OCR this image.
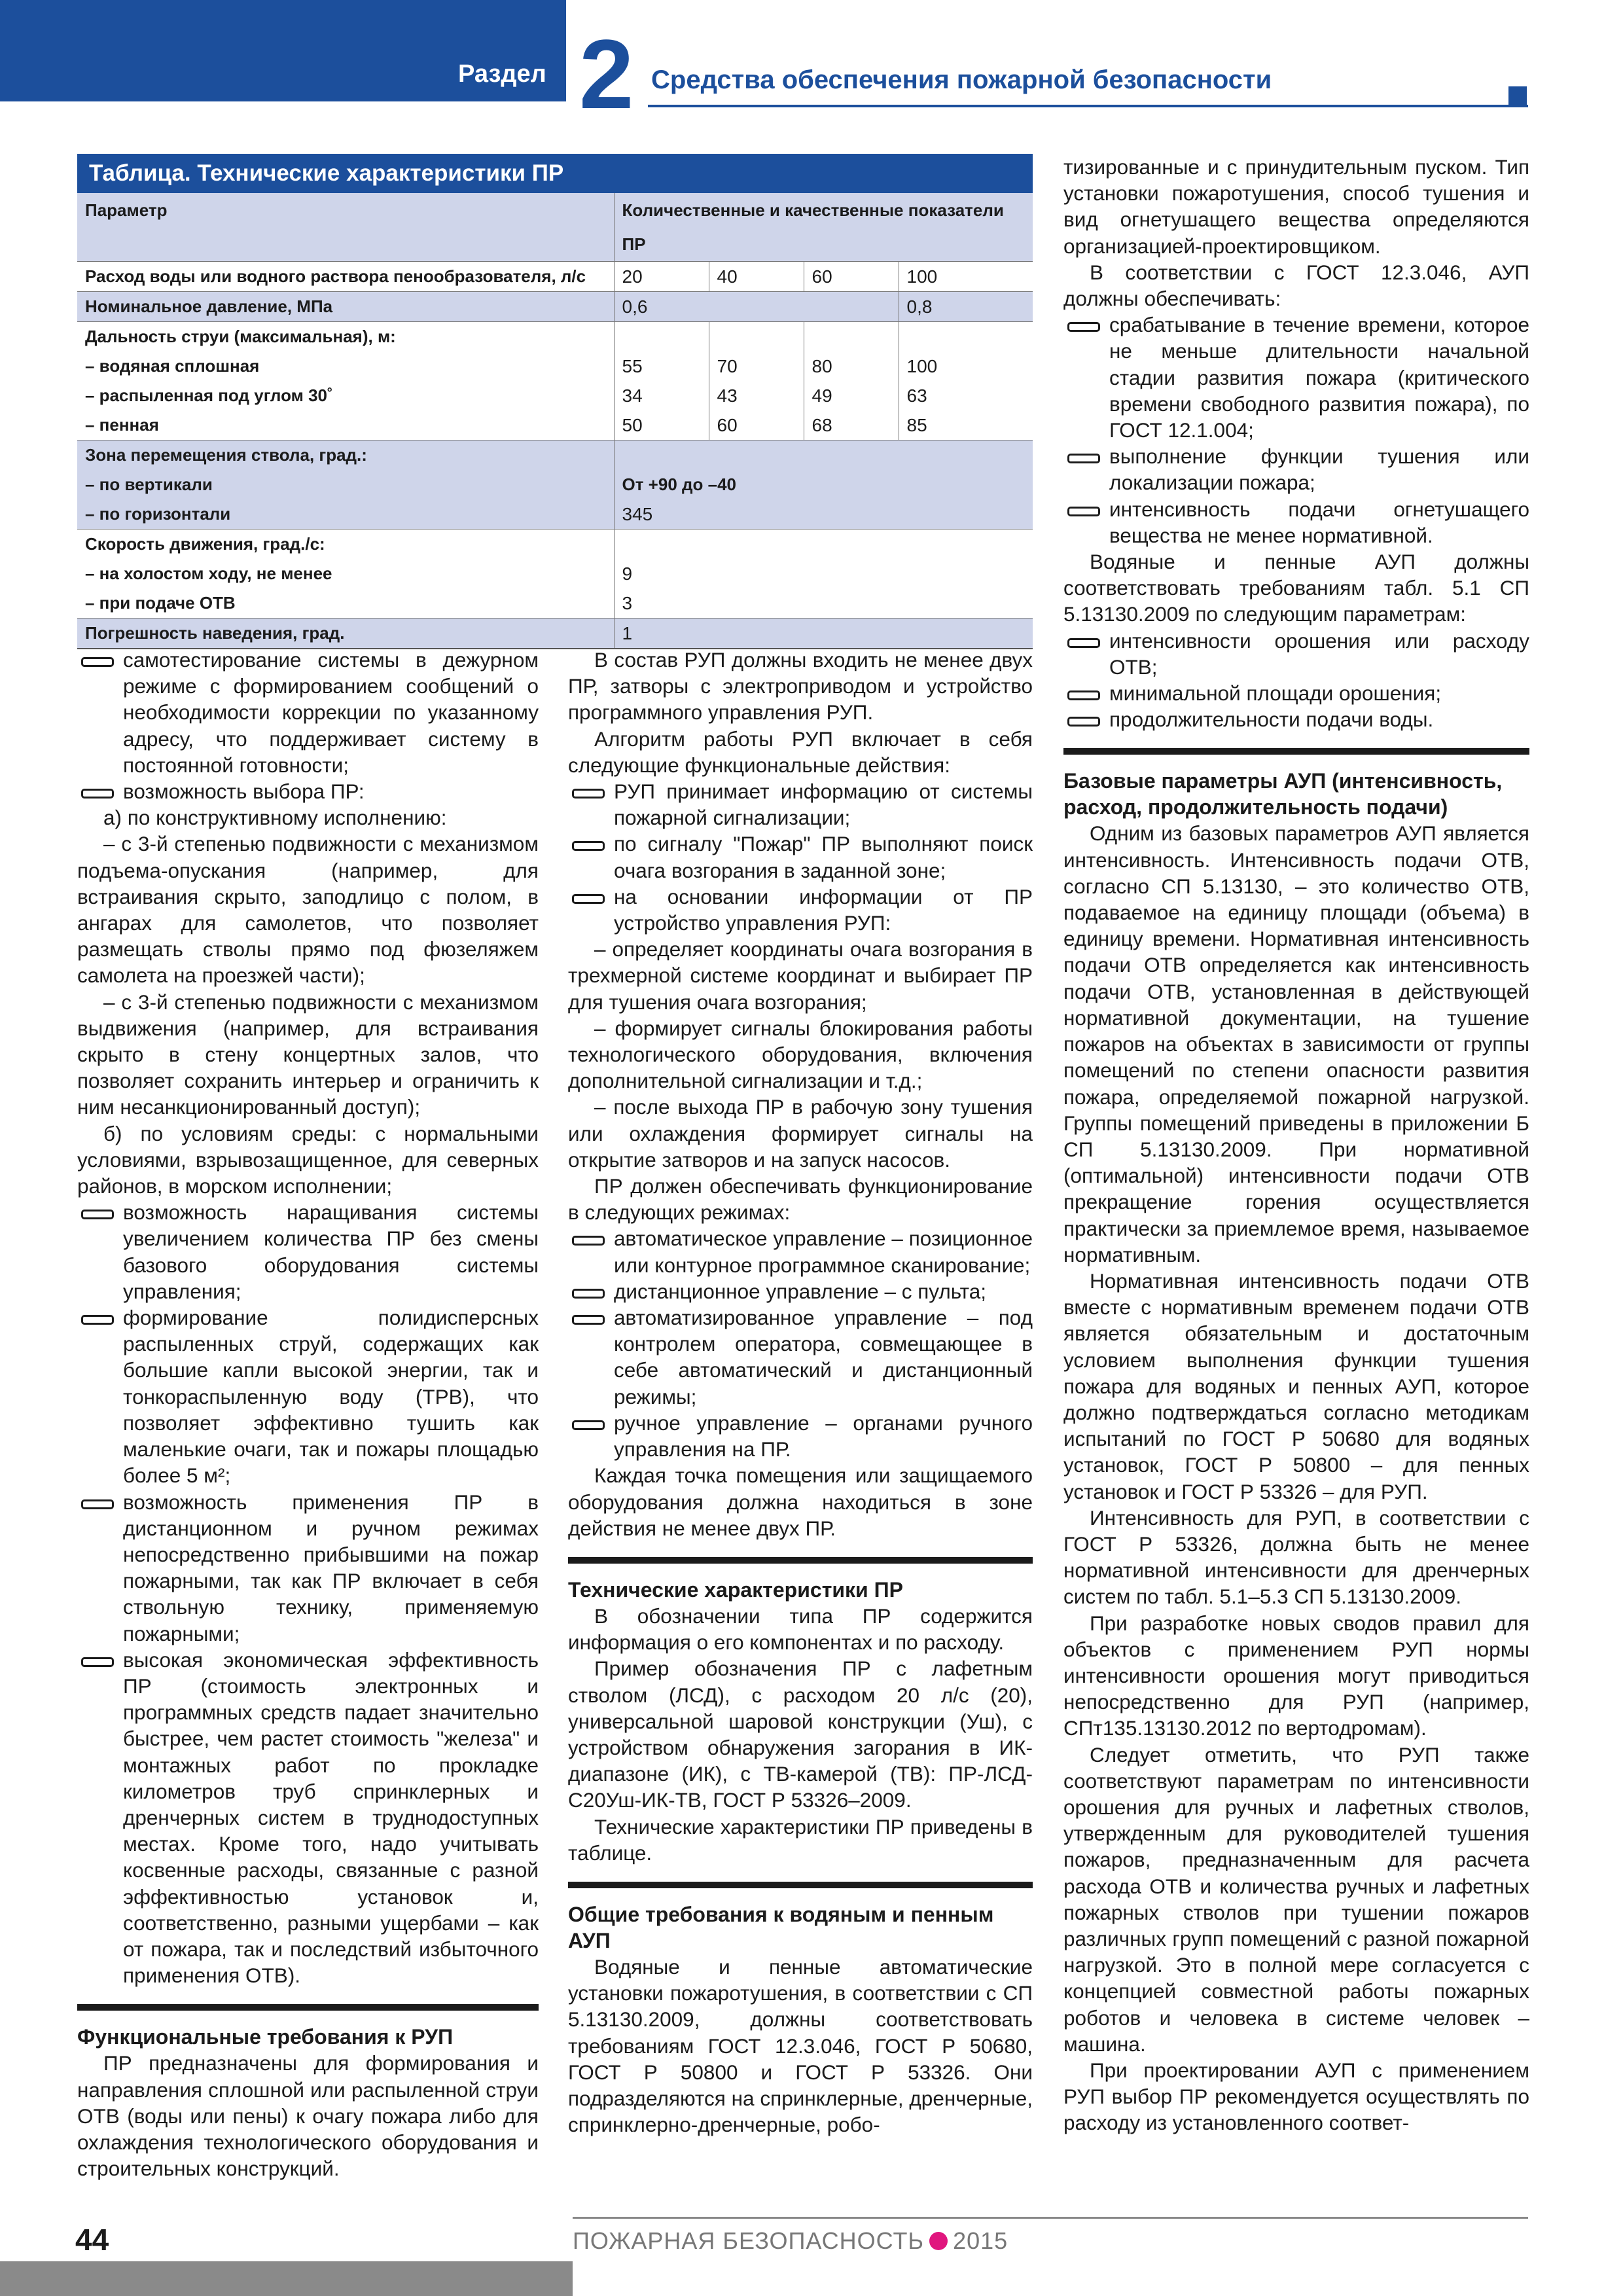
Раздел 2 Средства обеспечения пожарной безопасности
Таблица. Технические характеристики ПР
Параметр	Количественные и качественные показатели ПР			
Расход воды или водного раствора пенообразователя, л/с	20	40	60	100
Номинальное давление, МПа	0,6			0,8
Дальность струи (максимальная), м:				
– водяная сплошная	55	70	80	100
– распыленная под углом 30˚	34	43	49	63
– пенная	50	60	68	85
Зона перемещения ствола, град.:				
– по вертикали	От +90 до –40			
– по горизонтали	345			
Скорость движения, град./с:				
– на холостом ходу, не менее	9			
– при подаче ОТВ	3			
Погрешность наведения, град.	1			

самотестирование системы в дежурном режиме с формированием сообщений о необходимости коррекции по указанному адресу, что поддерживает систему в постоянной готовности;

возможность выбора ПР:

а) по конструктивному исполнению:

– с 3-й степенью подвижности с механизмом подъема-опускания (например, для встраивания скрыто, заподлицо с полом, в ангарах для самолетов, что позволяет размещать стволы прямо под фюзеляжем самолета на проезжей части);

– с 3-й степенью подвижности с механизмом выдвижения (например, для встраивания скрыто в стену концертных залов, что позволяет сохранить интерьер и ограничить к ним несанкционированный доступ);

б) по условиям среды: с нормальными условиями, взрывозащищенное, для северных районов, в морском исполнении;

возможность наращивания системы увеличением количества ПР без смены базового оборудования системы управления;

формирование полидисперсных распыленных струй, содержащих как большие капли высокой энергии, так и тонкораспыленную воду (ТРВ), что позволяет эффективно тушить как маленькие очаги, так и пожары площадью более 5 м²;

возможность применения ПР в дистанционном и ручном режимах непосредственно прибывшими на пожар пожарными, так как ПР включает в себя ствольную технику, применяемую пожарными;

высокая экономическая эффективность ПР (стоимость электронных и программных средств падает значительно быстрее, чем растет стоимость "железа" и монтажных работ по прокладке километров труб спринклерных и дренчерных систем в труднодоступных местах. Кроме того, надо учитывать косвенные расходы, связанные с разной эффективностью установок и, соответственно, разными ущербами – как от пожара, так и последствий избыточного применения ОТВ).

Функциональные требования к РУП

ПР предназначены для формирования и направления сплошной или распыленной струи ОТВ (воды или пены) к очагу пожара либо для охлаждения технологического оборудования и строительных конструкций.

В состав РУП должны входить не менее двух ПР, затворы с электроприводом и устройство программного управления РУП.

Алгоритм работы РУП включает в себя следующие функциональные действия:

РУП принимает информацию от системы пожарной сигнализации;

по сигналу "Пожар" ПР выполняют поиск очага возгорания в заданной зоне;

на основании информации от ПР устройство управления РУП:

– определяет координаты очага возгорания в трехмерной системе координат и выбирает ПР для тушения очага возгорания;

– формирует сигналы блокирования работы технологического оборудования, включения дополнительной сигнализации и т.д.;

– после выхода ПР в рабочую зону тушения или охлаждения формирует сигналы на открытие затворов и на запуск насосов.

ПР должен обеспечивать функционирование в следующих режимах:

автоматическое управление – позиционное или контурное программное сканирование;

дистанционное управление – с пульта;

автоматизированное управление – под контролем оператора, совмещающее в себе автоматический и дистанционный режимы;

ручное управление – органами ручного управления на ПР.

Каждая точка помещения или защищаемого оборудования должна находиться в зоне действия не менее двух ПР.

Технические характеристики ПР

В обозначении типа ПР содержится информация о его компонентах и по расходу.

Пример обозначения ПР с лафетным стволом (ЛСД), с расходом 20 л/с (20), универсальной шаровой конструкции (Уш), с устройством обнаружения загорания в ИК-диапазоне (ИК), с ТВ-камерой (ТВ): ПР-ЛСД-С20Уш-ИК-ТВ, ГОСТ Р 53326–2009.

Технические характеристики ПР приведены в таблице.

Общие требования к водяным и пенным АУП

Водяные и пенные автоматические установки пожаротушения, в соответствии с СП 5.13130.2009, должны соответствовать требованиям ГОСТ 12.3.046, ГОСТ Р 50680, ГОСТ Р 50800 и ГОСТ Р 53326. Они подразделяются на спринклерные, дренчерные, спринклерно-дренчерные, робо-

тизированные и с принудительным пуском. Тип установки пожаротушения, способ тушения и вид огнетушащего вещества определяются организацией-проектировщиком.

В соответствии с ГОСТ 12.3.046, АУП должны обеспечивать:

срабатывание в течение времени, которое не меньше длительности начальной стадии развития пожара (критического времени свободного развития пожара), по ГОСТ 12.1.004;

выполнение функции тушения или локализации пожара;

интенсивность подачи огнетушащего вещества не менее нормативной.

Водяные и пенные АУП должны соответствовать требованиям табл. 5.1 СП 5.13130.2009 по следующим параметрам:

интенсивности орошения или расходу ОТВ;

минимальной площади орошения;

продолжительности подачи воды.

Базовые параметры АУП (интенсивность, расход, продолжительность подачи)

Одним из базовых параметров АУП является интенсивность. Интенсивность подачи ОТВ, согласно СП 5.13130, – это количество ОТВ, подаваемое на единицу площади (объема) в единицу времени. Нормативная интенсивность подачи ОТВ определяется как интенсивность подачи ОТВ, установленная в действующей нормативной документации, на тушение пожаров на объектах в зависимости от группы помещений по степени опасности развития пожара, определяемой пожарной нагрузкой. Группы помещений приведены в приложении Б СП 5.13130.2009. При нормативной (оптимальной) интенсивности подачи ОТВ прекращение горения осуществляется практически за приемлемое время, называемое нормативным.

Нормативная интенсивность подачи ОТВ вместе с нормативным временем подачи ОТВ является обязательным и достаточным условием выполнения функции тушения пожара для водяных и пенных АУП, которое должно подтверждаться согласно методикам испытаний по ГОСТ Р 50680 для водяных установок, ГОСТ Р 50800 – для пенных установок и ГОСТ Р 53326 – для РУП.

Интенсивность для РУП, в соответствии с ГОСТ Р 53326, должна быть не менее нормативной интенсивности для дренчерных систем по табл. 5.1–5.3 СП 5.13130.2009.

При разработке новых сводов правил для объектов с применением РУП нормы интенсивности орошения могут приводиться непосредственно для РУП (например, СПт135.13130.2012 по вертодромам).

Следует отметить, что РУП также соответствуют параметрам по интенсивности орошения для ручных и лафетных стволов, утвержденным для руководителей тушения пожаров, предназначенным для расчета расхода ОТВ и количества ручных и лафетных пожарных стволов при тушении пожаров различных групп помещений с разной пожарной нагрузкой. Это в полной мере согласуется с концепцией совместной работы пожарных роботов и человека в системе человек – машина.

При проектировании АУП с применением РУП выбор ПР рекомендуется осуществлять по расходу из установленного соответ-

44	ПОЖАРНАЯ БЕЗОПАСНОСТЬ 2015
